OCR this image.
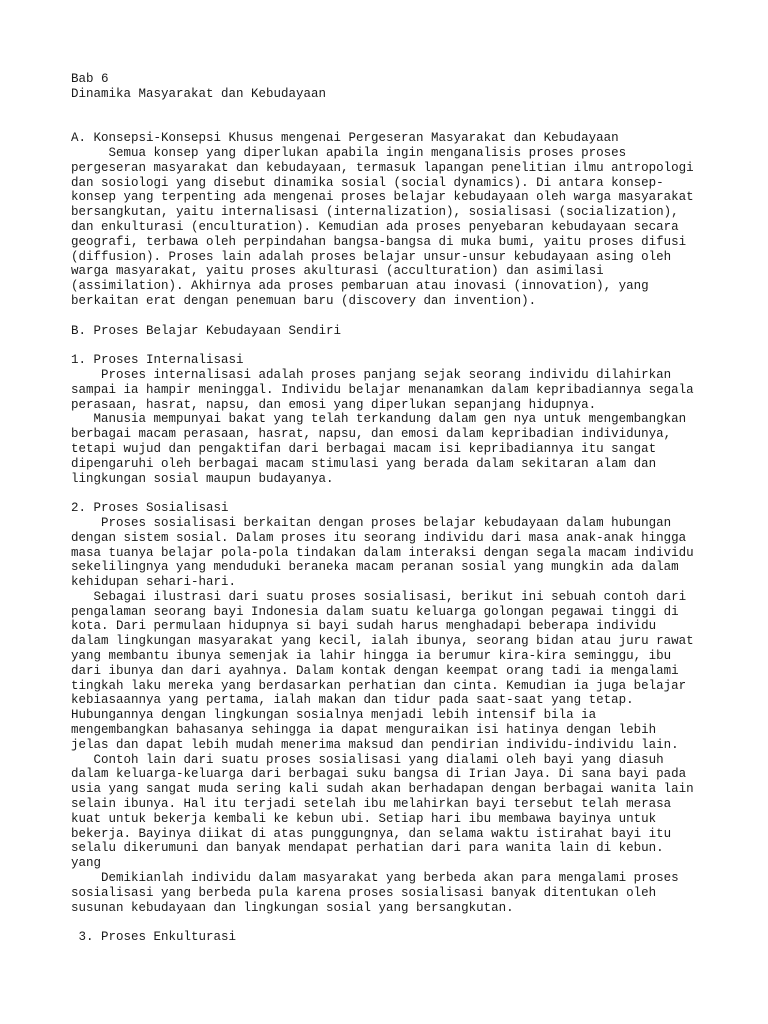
Bab 6
Dinamika Masyarakat dan Kebudayaan
A. Konsepsi-Konsepsi Khusus mengenai Pergeseran Masyarakat dan Kebudayaan
Semua konsep yang diperlukan apabila ingin menganalisis proses proses
pergeseran masyarakat dan kebudayaan, termasuk lapangan penelitian ilmu antropologi
dan sosiologi yang disebut dinamika sosial (social dynamics). Di antara konsep-
konsep yang terpenting ada mengenai proses belajar kebudayaan oleh warga masyarakat
bersangkutan, yaitu internalisasi (internalization), sosialisasi (socialization),
dan enkulturasi (enculturation). Kemudian ada proses penyebaran kebudayaan secara
geografi, terbawa oleh perpindahan bangsa-bangsa di muka bumi, yaitu proses difusi
(diffusion). Proses lain adalah proses belajar unsur-unsur kebudayaan asing oleh
warga masyarakat, yaitu proses akulturasi (acculturation) dan asimilasi
(assimilation). Akhirnya ada proses pembaruan atau inovasi (innovation), yang
berkaitan erat dengan penemuan baru (discovery dan invention).
B. Proses Belajar Kebudayaan Sendiri
1. Proses Internalisasi
Proses internalisasi adalah proses panjang sejak seorang individu dilahirkan
sampai ia hampir meninggal. Individu belajar menanamkan dalam kepribadiannya segala
perasaan, hasrat, napsu, dan emosi yang diperlukan sepanjang hidupnya.
Manusia mempunyai bakat yang telah terkandung dalam gen nya untuk mengembangkan
berbagai macam perasaan, hasrat, napsu, dan emosi dalam kepribadian individunya,
tetapi wujud dan pengaktifan dari berbagai macam isi kepribadiannya itu sangat
dipengaruhi oleh berbagai macam stimulasi yang berada dalam sekitaran alam dan
lingkungan sosial maupun budayanya.
2. Proses Sosialisasi
Proses sosialisasi berkaitan dengan proses belajar kebudayaan dalam hubungan
dengan sistem sosial. Dalam proses itu seorang individu dari masa anak-anak hingga
masa tuanya belajar pola-pola tindakan dalam interaksi dengan segala macam individu
sekelilingnya yang menduduki beraneka macam peranan sosial yang mungkin ada dalam
kehidupan sehari-hari.
Sebagai ilustrasi dari suatu proses sosialisasi, berikut ini sebuah contoh dari
pengalaman seorang bayi Indonesia dalam suatu keluarga golongan pegawai tinggi di
kota. Dari permulaan hidupnya si bayi sudah harus menghadapi beberapa individu
dalam lingkungan masyarakat yang kecil, ialah ibunya, seorang bidan atau juru rawat
yang membantu ibunya semenjak ia lahir hingga ia berumur kira-kira seminggu, ibu
dari ibunya dan dari ayahnya. Dalam kontak dengan keempat orang tadi ia mengalami
tingkah laku mereka yang berdasarkan perhatian dan cinta. Kemudian ia juga belajar
kebiasaannya yang pertama, ialah makan dan tidur pada saat-saat yang tetap.
Hubungannya dengan lingkungan sosialnya menjadi lebih intensif bila ia
mengembangkan bahasanya sehingga ia dapat menguraikan isi hatinya dengan lebih
jelas dan dapat lebih mudah menerima maksud dan pendirian individu-individu lain.
Contoh lain dari suatu proses sosialisasi yang dialami oleh bayi yang diasuh
dalam keluarga-keluarga dari berbagai suku bangsa di Irian Jaya. Di sana bayi pada
usia yang sangat muda sering kali sudah akan berhadapan dengan berbagai wanita lain
selain ibunya. Hal itu terjadi setelah ibu melahirkan bayi tersebut telah merasa
kuat untuk bekerja kembali ke kebun ubi. Setiap hari ibu membawa bayinya untuk
bekerja. Bayinya diikat di atas punggungnya, dan selama waktu istirahat bayi itu
selalu dikerumuni dan banyak mendapat perhatian dari para wanita lain di kebun.
yang
Demikianlah individu dalam masyarakat yang berbeda akan para mengalami proses
sosialisasi yang berbeda pula karena proses sosialisasi banyak ditentukan oleh
susunan kebudayaan dan lingkungan sosial yang bersangkutan.
3. Proses Enkulturasi
